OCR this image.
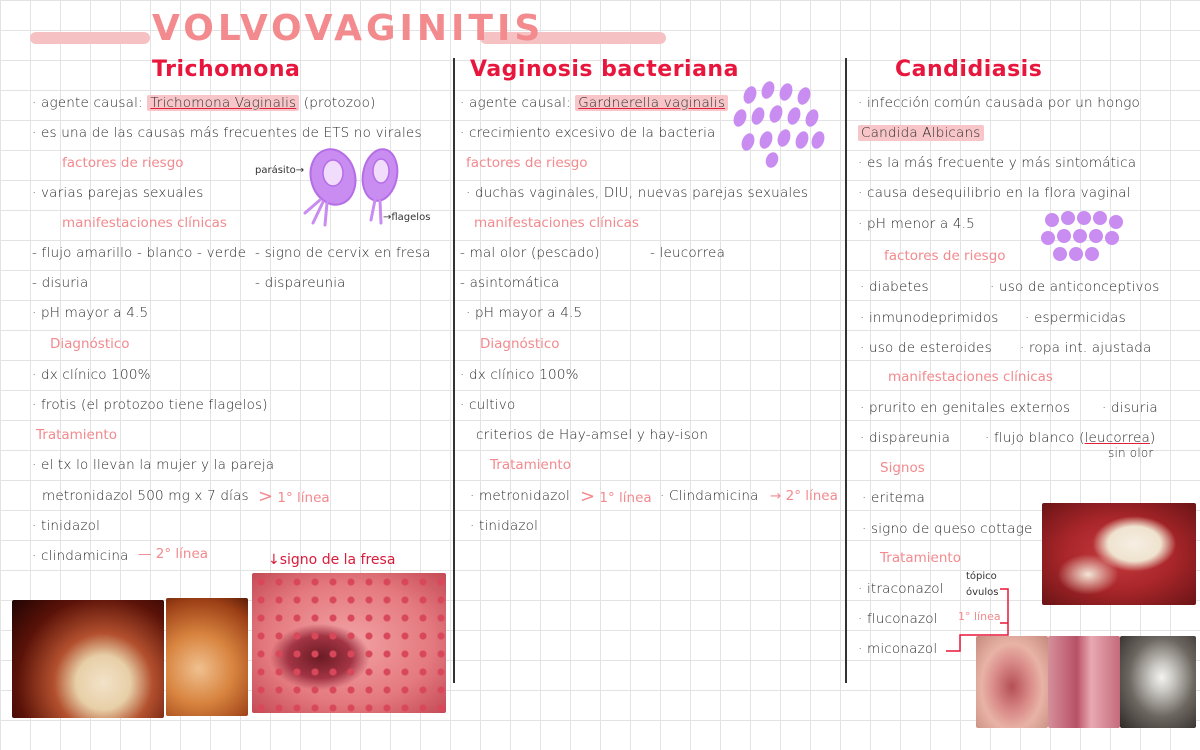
VOLVOVAGINITIS
Trichomona
· agente causal: Trichomona Vaginalis (protozoo)
· es una de las causas más frecuentes de ETS no virales
factores de riesgo
· varias parejas sexuales
manifestaciones clínicas
- flujo amarillo - blanco - verde - signo de cervix en fresa
- disuria	- dispareunia
· pH mayor a 4.5
Diagnóstico
· dx clínico 100%
· frotis (el protozoo tiene flagelos)
Tratamiento
· el tx lo llevan la mujer y la pareja
metronidazol 500 mg x 7 días > 1° línea
· tinidazol
· clindamicina — 2° línea
parásito→
→flagelos
↓signo de la fresa
Vaginosis bacteriana
· agente causal: Gardnerella vaginalis
· crecimiento excesivo de la bacteria
factores de riesgo
· duchas vaginales, DIU, nuevas parejas sexuales
manifestaciones clínicas
- mal olor (pescado)	- leucorrea
- asintomática
· pH mayor a 4.5
Diagnóstico
· dx clínico 100%
· cultivo
criterios de Hay-amsel y hay-ison
Tratamiento
· metronidazol > 1° línea · Clindamicina → 2° línea
· tinidazol
Candidiasis
· infección común causada por un hongo
Candida Albicans
· es la más frecuente y más sintomática
· causa desequilibrio en la flora vaginal
· pH menor a 4.5
factores de riesgo
· diabetes	· uso de anticonceptivos
· inmunodeprimidos · espermicidas
· uso de esteroides · ropa int. ajustada
manifestaciones clínicas
· prurito en genitales externos · disuria
· dispareunia	· flujo blanco (leucorrea)
sin olor
Signos
· eritema
· signo de queso cottage
Tratamiento
· itraconazol
tópico
óvulos
· fluconazol 1° línea
· miconazol
